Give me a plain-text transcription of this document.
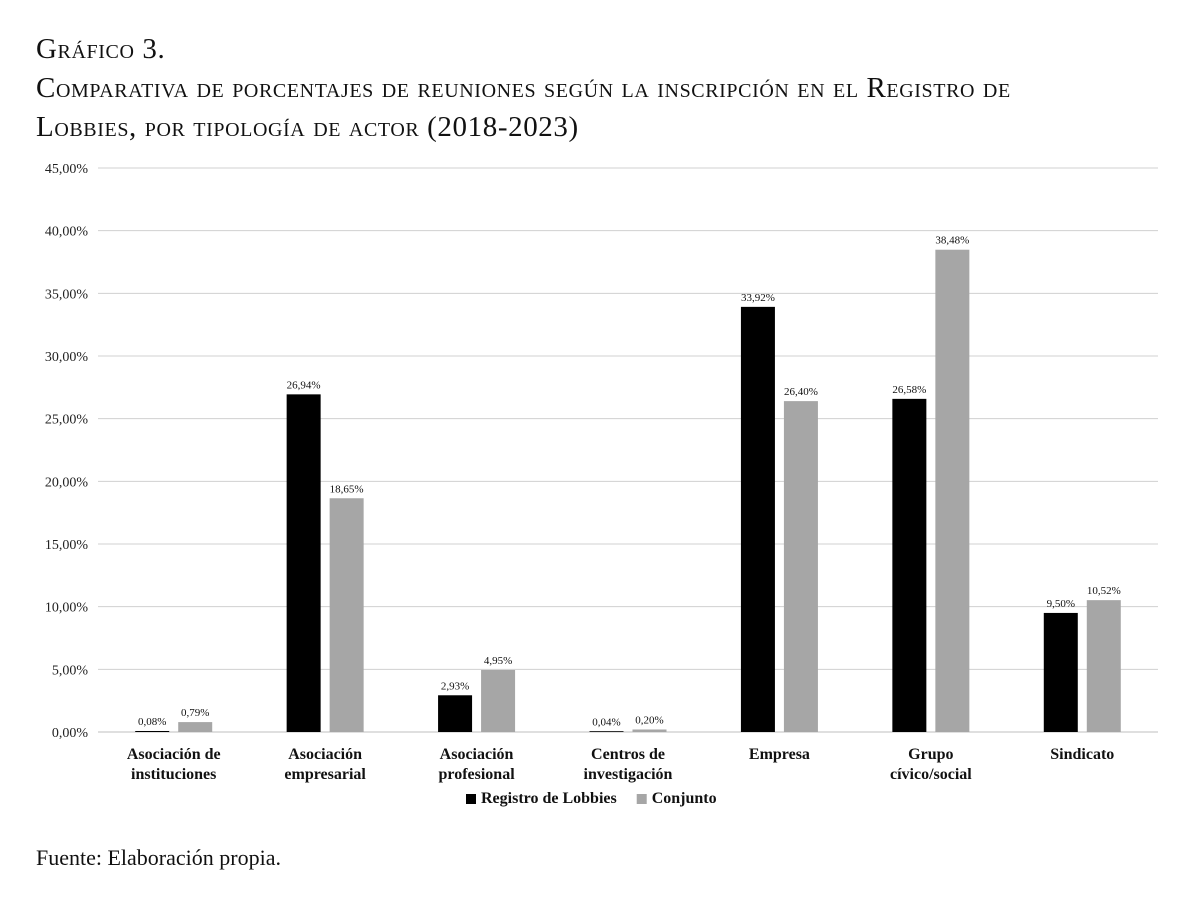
Gráfico 3.
Comparativa de porcentajes de reuniones según la inscripción en el Registro de
Lobbies, por tipología de actor (2018-2023)
0,00%
5,00%
10,00%
15,00%
20,00%
25,00%
30,00%
35,00%
40,00%
45,00%
0,08%
0,79%
Asociación de instituciones
26,94%
18,65%
Asociación empresarial
2,93%
4,95%
Asociación profesional
0,04% 0,20%
Centros de investigación
33,92%
26,40%
Empresa
26,58%
38,48%
Grupo cívico/social
9,50%
10,52%
Sindicato
Registro de Lobbies Conjunto
Fuente: Elaboración propia.
